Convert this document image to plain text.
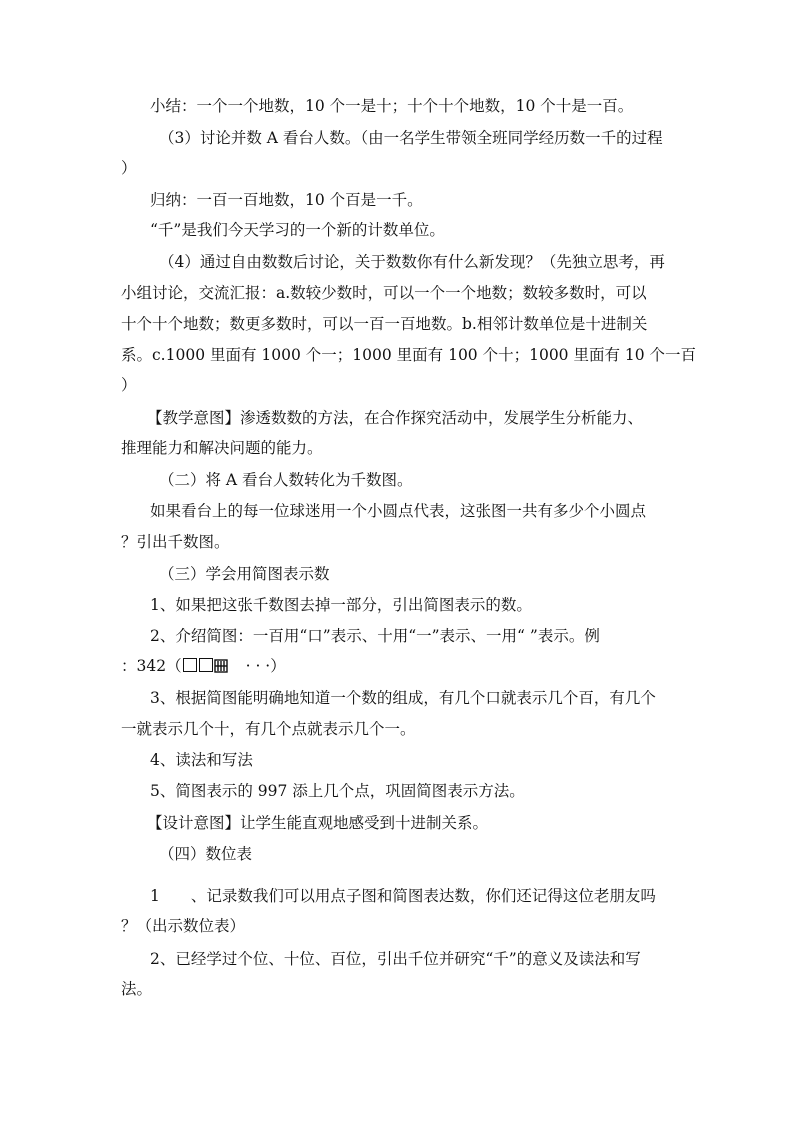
小结：一个一个地数，10 个一是十；十个十个地数，10 个十是一百。
（3）讨论并数 A 看台人数。（由一名学生带领全班同学经历数一千的过程
）
归纳：一百一百地数，10 个百是一千。
“千”是我们今天学习的一个新的计数单位。
（4）通过自由数数后讨论，关于数数你有什么新发现？（先独立思考，再
小组讨论，交流汇报：a.数较少数时，可以一个一个地数；数较多数时，可以
十个十个地数；数更多数时，可以一百一百地数。b.相邻计数单位是十进制关
系。c.1000 里面有 1000 个一；1000 里面有 100 个十；1000 里面有 10 个一百
）
【教学意图】渗透数数的方法，在合作探究活动中，发展学生分析能力、
推理能力和解决问题的能力。
（二）将 A 看台人数转化为千数图。
如果看台上的每一位球迷用一个小圆点代表，这张图一共有多少个小圆点
？引出千数图。
（三）学会用简图表示数
1、如果把这张千数图去掉一部分，引出简图表示的数。
2、介绍简图：一百用“口”表示、十用“一”表示、一用“ ”表示。例
：342（	· · ·）
3、根据简图能明确地知道一个数的组成，有几个口就表示几个百，有几个
一就表示几个十，有几个点就表示几个一。
4、读法和写法
5、简图表示的 997 添上几个点，巩固简图表示方法。
【设计意图】让学生能直观地感受到十进制关系。
（四）数位表
1　　、记录数我们可以用点子图和简图表达数，你们还记得这位老朋友吗
？（出示数位表）
2、已经学过个位、十位、百位，引出千位并研究“千”的意义及读法和写
法。
